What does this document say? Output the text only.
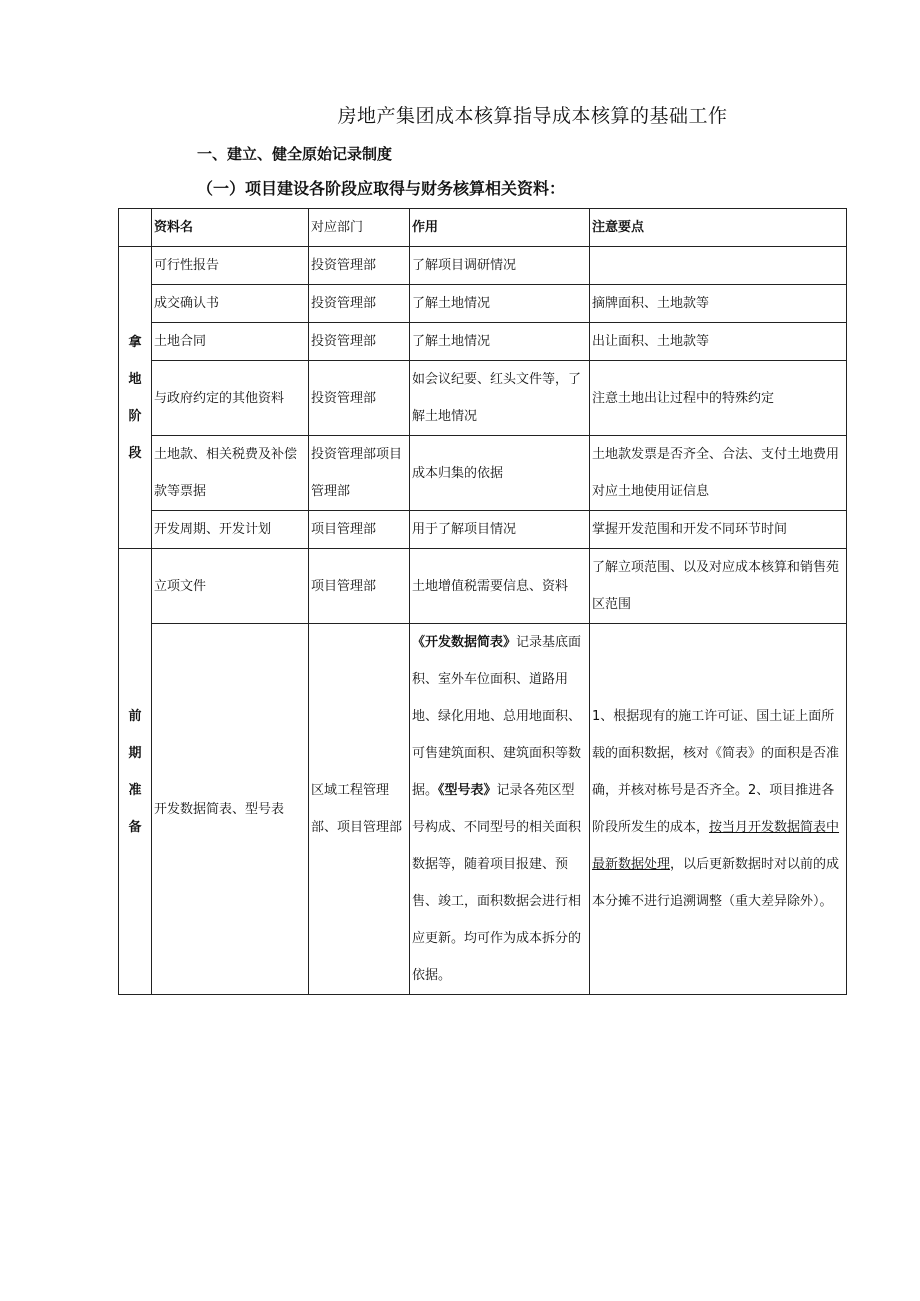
房地产集团成本核算指导成本核算的基础工作
一、建立、健全原始记录制度
（一）项目建设各阶段应取得与财务核算相关资料：
	资料名	对应部门	作用	注意要点
拿地阶段	可行性报告	投资管理部	了解项目调研情况	
	成交确认书	投资管理部	了解土地情况	摘牌面积、土地款等
	土地合同	投资管理部	了解土地情况	出让面积、土地款等
	与政府约定的其他资料	投资管理部	如会议纪要、红头文件等，了解土地情况	注意土地出让过程中的特殊约定
	土地款、相关税费及补偿款等票据	投资管理部项目管理部	成本归集的依据	土地款发票是否齐全、合法、支付土地费用对应土地使用证信息
	开发周期、开发计划	项目管理部	用于了解项目情况	掌握开发范围和开发不同环节时间
前期准备	立项文件	项目管理部	土地增值税需要信息、资料	了解立项范围、以及对应成本核算和销售苑区范围
	开发数据简表、型号表	区域工程管理部、项目管理部	《开发数据简表》记录基底面积、室外车位面积、道路用地、绿化用地、总用地面积、可售建筑面积、建筑面积等数据。《型号表》记录各苑区型号构成、不同型号的相关面积数据等，随着项目报建、预售、竣工，面积数据会进行相应更新。均可作为成本拆分的依据。	1、根据现有的施工许可证、国土证上面所载的面积数据，核对《简表》的面积是否准确，并核对栋号是否齐全。2、项目推进各阶段所发生的成本，按当月开发数据简表中最新数据处理，以后更新数据时对以前的成本分摊不进行追溯调整（重大差异除外）。
